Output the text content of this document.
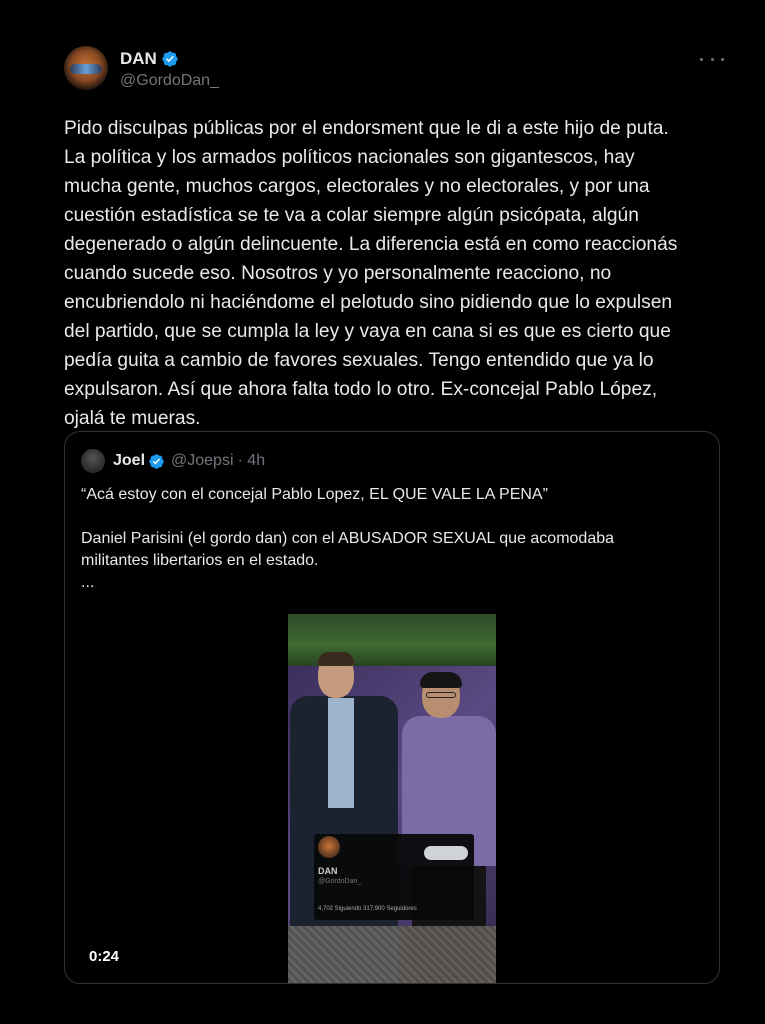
DAN
@GordoDan_
Pido disculpas públicas por el endorsment que le di a este hijo de puta.
La política y los armados políticos nacionales son gigantescos, hay
mucha gente, muchos cargos, electorales y no electorales, y por una
cuestión estadística se te va a colar siempre algún psicópata, algún
degenerado o algún delincuente. La diferencia está en como reaccionás
cuando sucede eso. Nosotros y yo personalmente reacciono, no
encubriendolo ni haciéndome el pelotudo sino pidiendo que lo expulsen
del partido, que se cumpla la ley y vaya en cana si es que es cierto que
pedía guita a cambio de favores sexuales. Tengo entendido que ya lo
expulsaron. Así que ahora falta todo lo otro. Ex-concejal Pablo López,
ojalá te mueras.
Joel @Joepsi · 4h
“Acá estoy con el concejal Pablo Lopez, EL QUE VALE LA PENA”

Daniel Parisini (el gordo dan) con el ABUSADOR SEXUAL que acomodaba
militantes libertarios en el estado.
...
DAN
@GordoDan_
4,702 Siguiendo 317,900 Seguidores
0:24
